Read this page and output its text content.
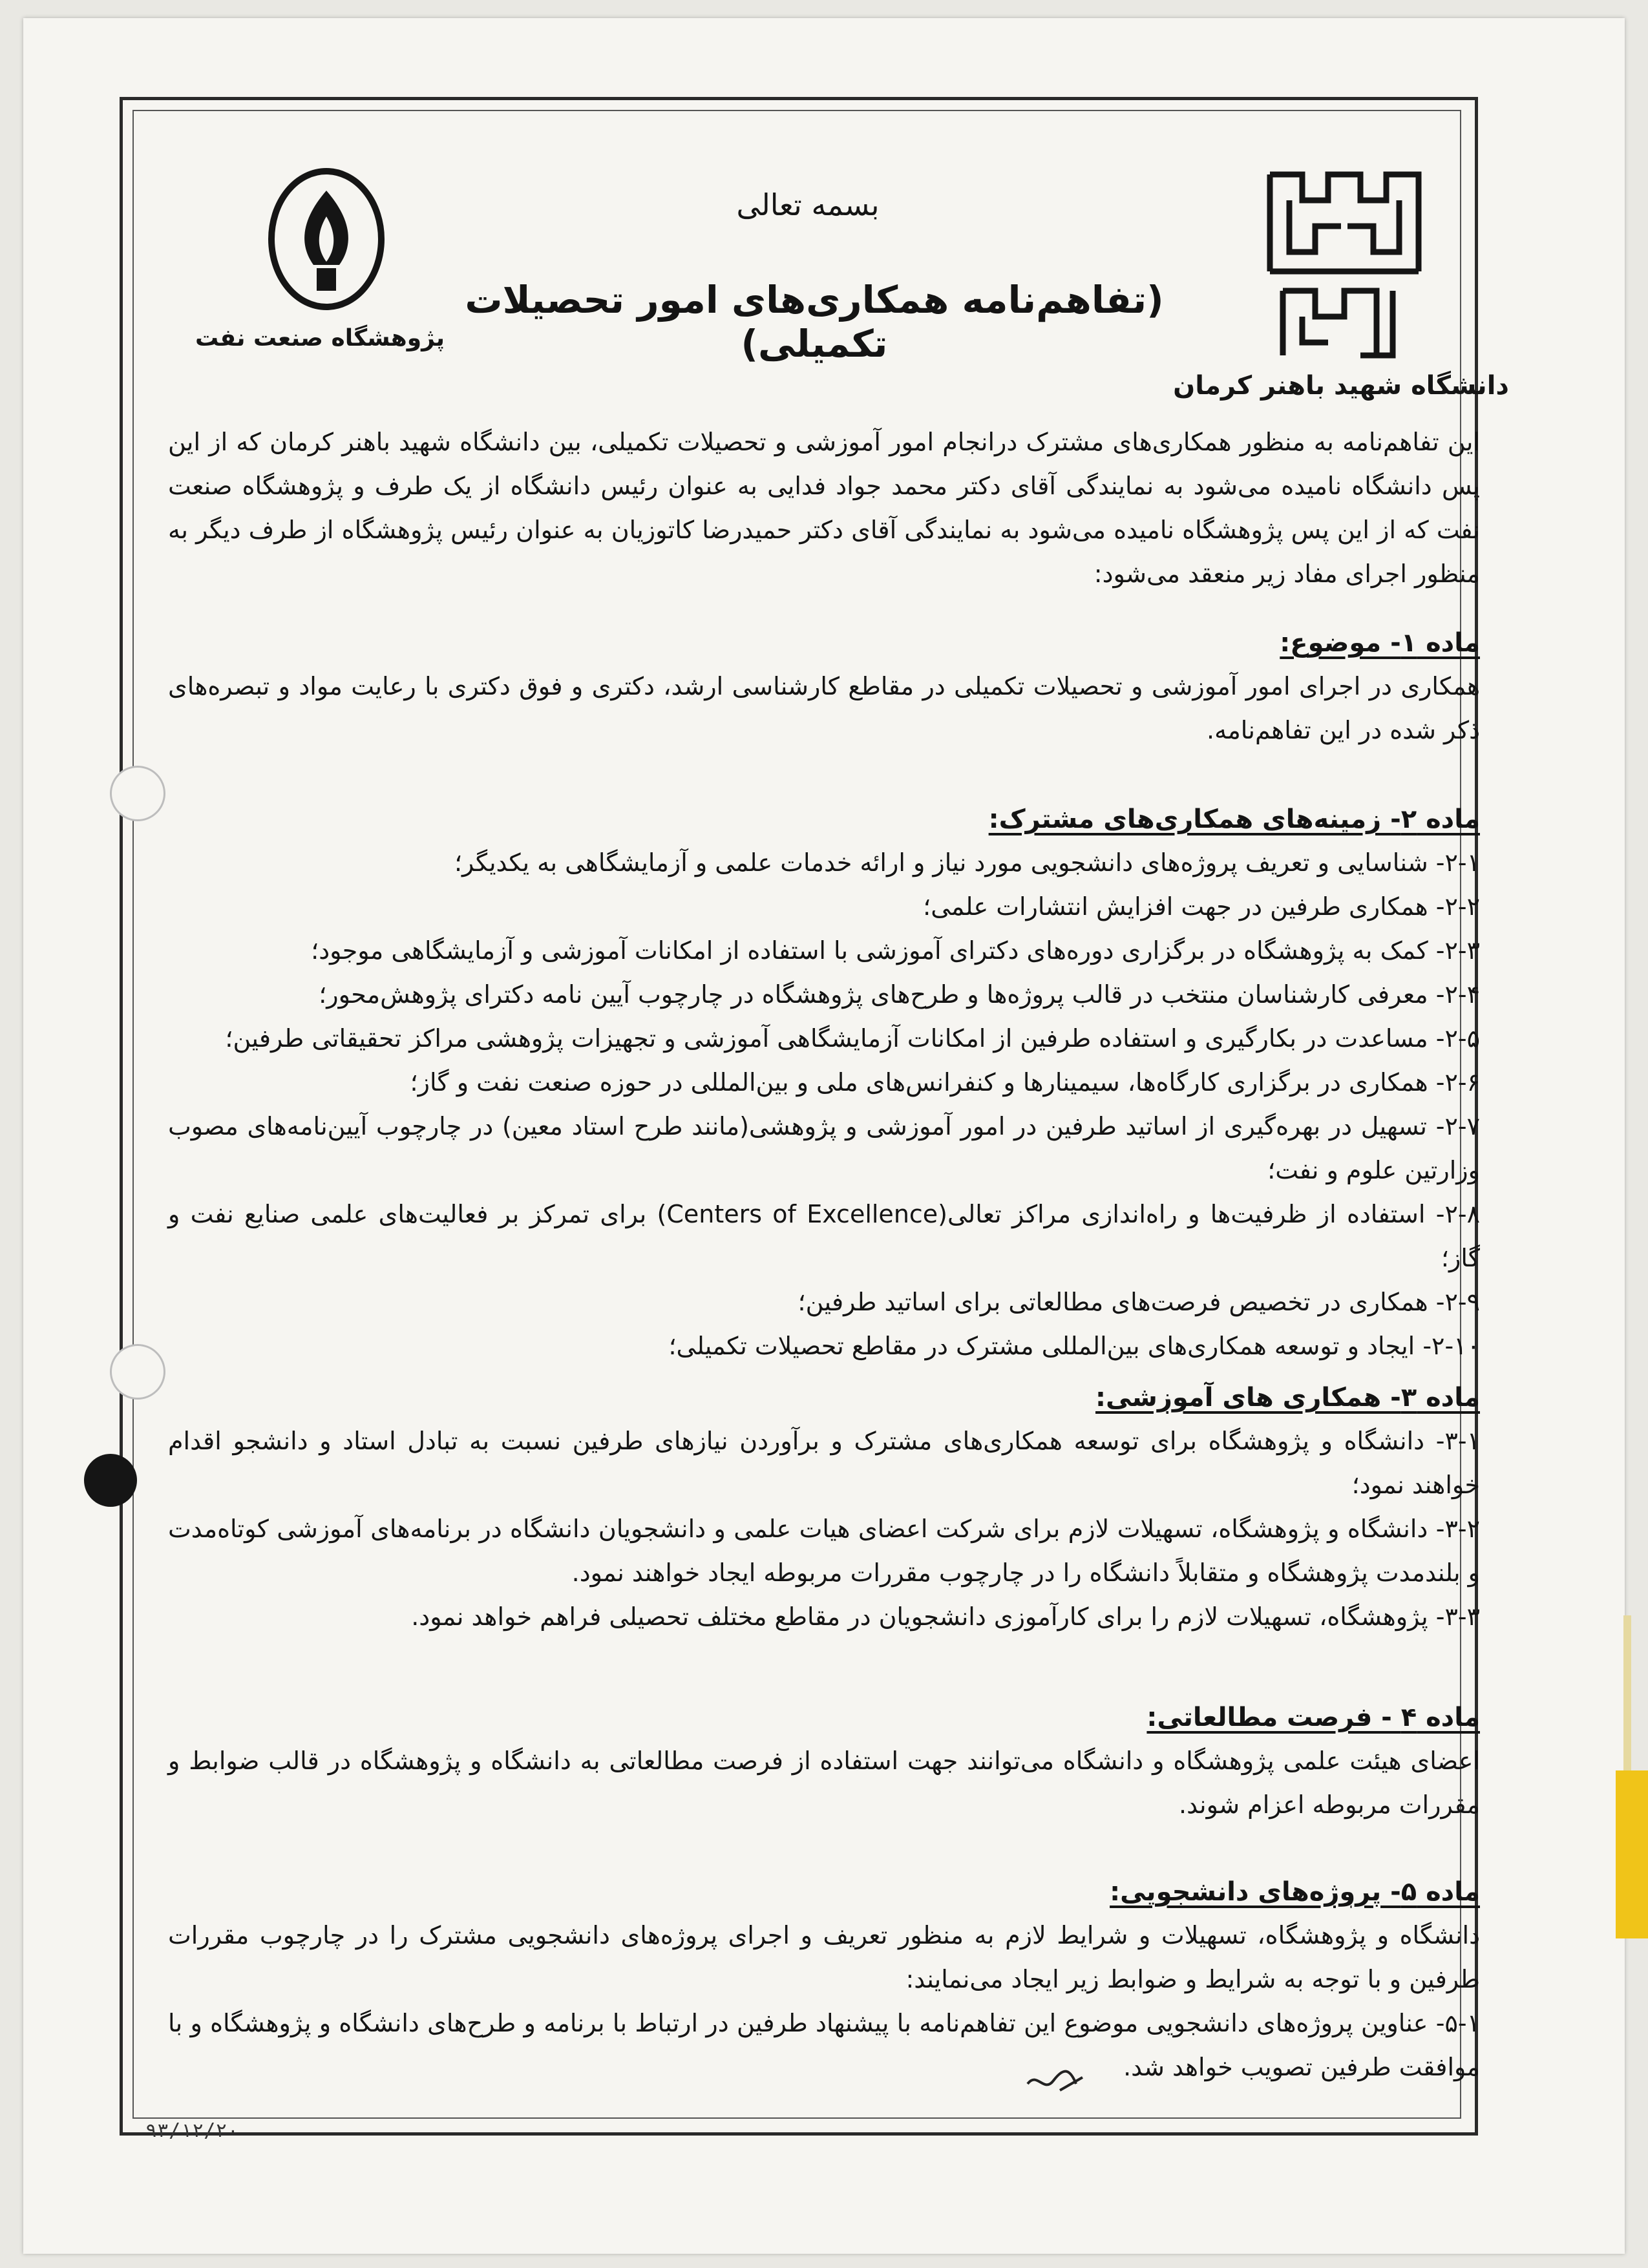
دانشگاه شهید باهنر کرمان
پژوهشگاه صنعت نفت
بسمه تعالی
(تفاهم‌نامه همکاری‌های امور تحصیلات تکمیلی)
این تفاهم‌نامه به منظور همکاری‌های مشترک درانجام امور آموزشی و تحصیلات تکمیلی، بین دانشگاه شهید باهنر کرمان که از این پس دانشگاه نامیده می‌شود به نمایندگی آقای دکتر محمد جواد فدایی به عنوان رئیس دانشگاه از یک طرف و پژوهشگاه صنعت نفت که از این پس پژوهشگاه نامیده می‌شود به نمایندگی آقای دکتر حمیدرضا کاتوزیان به عنوان رئیس پژوهشگاه از طرف دیگر به منظور اجرای مفاد زیر منعقد می‌شود:
ماده ۱- موضوع:
همکاری در اجرای امور آموزشی و تحصیلات تکمیلی در مقاطع کارشناسی ارشد، دکتری و فوق دکتری با رعایت مواد و تبصره‌های ذکر شده در این تفاهم‌نامه.
ماده ۲- زمینه‌های همکاری‌های مشترک:
۲-۱- شناسایی و تعریف پروژه‌های دانشجویی مورد نیاز و ارائه خدمات علمی و آزمایشگاهی به یکدیگر؛
۲-۲- همکاری طرفین در جهت افزایش انتشارات علمی؛
۲-۳- کمک به پژوهشگاه در برگزاری دوره‌های دکترای آموزشی با استفاده از امکانات آموزشی و آزمایشگاهی موجود؛
۲-۴- معرفی کارشناسان منتخب در قالب پروژه‌ها و طرح‌های پژوهشگاه در چارچوب آیین نامه دکترای پژوهش‌محور؛
۲-۵- مساعدت در بکارگیری و استفاده طرفین از امکانات آزمایشگاهی آموزشی و تجهیزات پژوهشی مراکز تحقیقاتی طرفین؛
۲-۶- همکاری در برگزاری کارگاه‌ها، سیمینارها و کنفرانس‌های ملی و بین‌المللی در حوزه صنعت نفت و گاز؛
۲-۷- تسهیل در بهره‌گیری از اساتید طرفین در امور آموزشی و پژوهشی(مانند طرح استاد معین) در چارچوب آیین‌نامه‌های مصوب وزارتین علوم و نفت؛
۲-۸- استفاده از ظرفیت‌ها و راه‌اندازی مراکز تعالی(Centers of Excellence) برای تمرکز بر فعالیت‌های علمی صنایع نفت و گاز؛
۲-۹- همکاری در تخصیص فرصت‌های مطالعاتی برای اساتید طرفین؛
۲-۱۰- ایجاد و توسعه همکاری‌های بین‌المللی مشترک در مقاطع تحصیلات تکمیلی؛
ماده ۳- همکاری های آموزشی:
۳-۱- دانشگاه و پژوهشگاه برای توسعه همکاری‌های مشترک و برآوردن نیازهای طرفین نسبت به تبادل استاد و دانشجو اقدام خواهند نمود؛
۳-۲- دانشگاه و پژوهشگاه، تسهیلات لازم برای شرکت اعضای هیات علمی و دانشجویان دانشگاه در برنامه‌های آموزشی کوتاه‌مدت و بلندمدت پژوهشگاه و متقابلاً دانشگاه را در چارچوب مقررات مربوطه ایجاد خواهند نمود.
۳-۳- پژوهشگاه، تسهیلات لازم را برای کارآموزی دانشجویان در مقاطع مختلف تحصیلی فراهم خواهد نمود.
ماده ۴ - فرصت مطالعاتی:
اعضای هیئت علمی پژوهشگاه و دانشگاه می‌توانند جهت استفاده از فرصت مطالعاتی به دانشگاه و پژوهشگاه در قالب ضوابط و مقررات مربوطه اعزام شوند.
ماده ۵- پروژه‌های دانشجویی:
دانشگاه و پژوهشگاه، تسهیلات و شرایط لازم به منظور تعریف و اجرای پروژه‌های دانشجویی مشترک را در چارچوب مقررات طرفین و با توجه به شرایط و ضوابط زیر ایجاد می‌نمایند:
۵-۱- عناوین پروژه‌های دانشجویی موضوع این تفاهم‌نامه با پیشنهاد طرفین در ارتباط با برنامه و طرح‌های دانشگاه و پژوهشگاه و با موافقت طرفین تصویب خواهد شد.
۹۳/۱۲/۲۰
